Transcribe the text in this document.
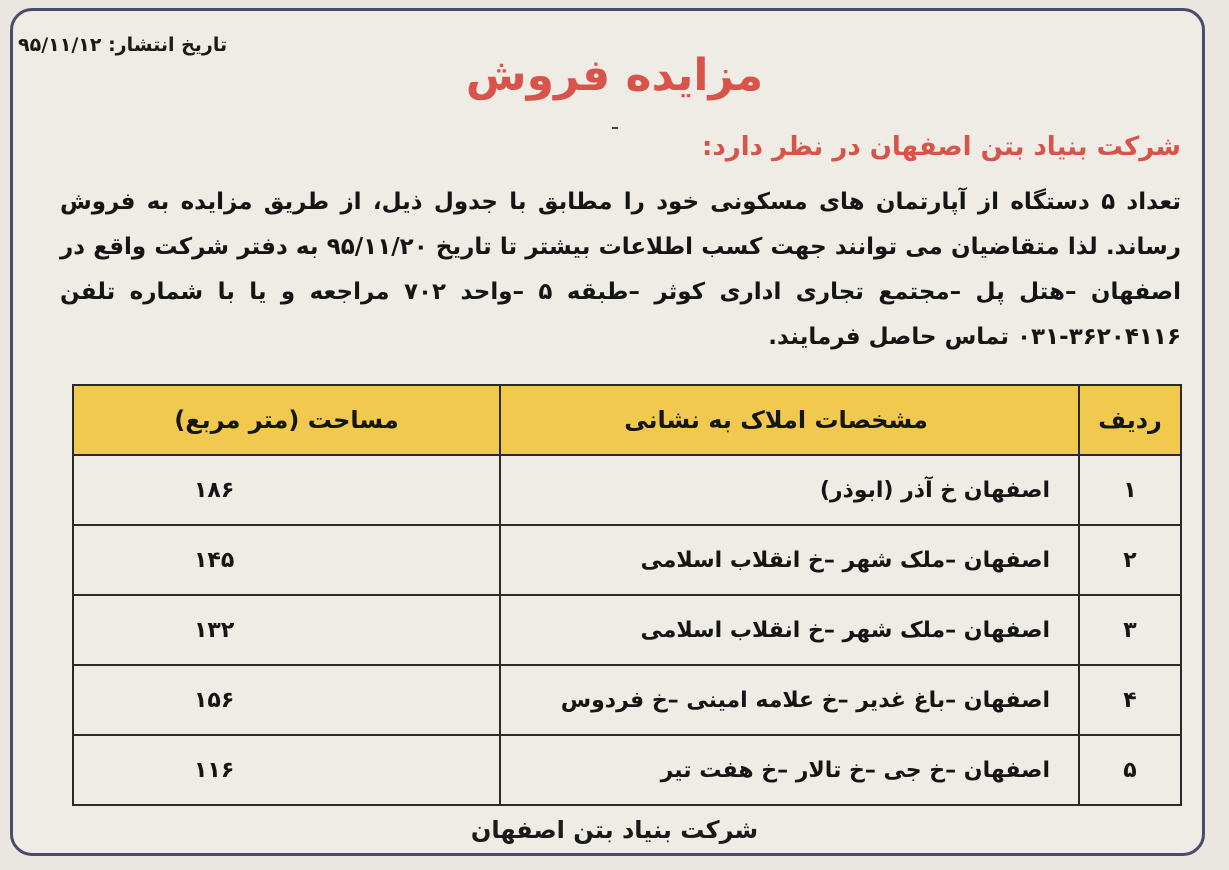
تاریخ انتشار: ۹۵/۱۱/۱۲
مزایده فروش
شرکت بنیاد بتن اصفهان در نظر دارد:
تعداد ۵ دستگاه از آپارتمان های مسکونی خود را مطابق با جدول ذیل، از طریق مزایده به فروش رساند. لذا متقاضیان می توانند جهت کسب اطلاعات بیشتر تا تاریخ ۹۵/۱۱/۲۰ به دفتر شرکت واقع در اصفهان –هتل پل –مجتمع تجاری اداری کوثر –طبقه ۵ –واحد ۷۰۲ مراجعه و یا با شماره تلفن ۳۶۲۰۴۱۱۶-۰۳۱ تماس حاصل فرمایند.
ردیف	مشخصات املاک به نشانی	مساحت (متر مربع)
۱	اصفهان خ آذر (ابوذر)	۱۸۶
۲	اصفهان –ملک شهر –خ انقلاب اسلامی	۱۴۵
۳	اصفهان –ملک شهر –خ انقلاب اسلامی	۱۳۲
۴	اصفهان –باغ غدیر –خ علامه امینی –خ فردوس	۱۵۶
۵	اصفهان –خ جی –خ تالار –خ هفت تیر	۱۱۶
شرکت بنیاد بتن اصفهان
